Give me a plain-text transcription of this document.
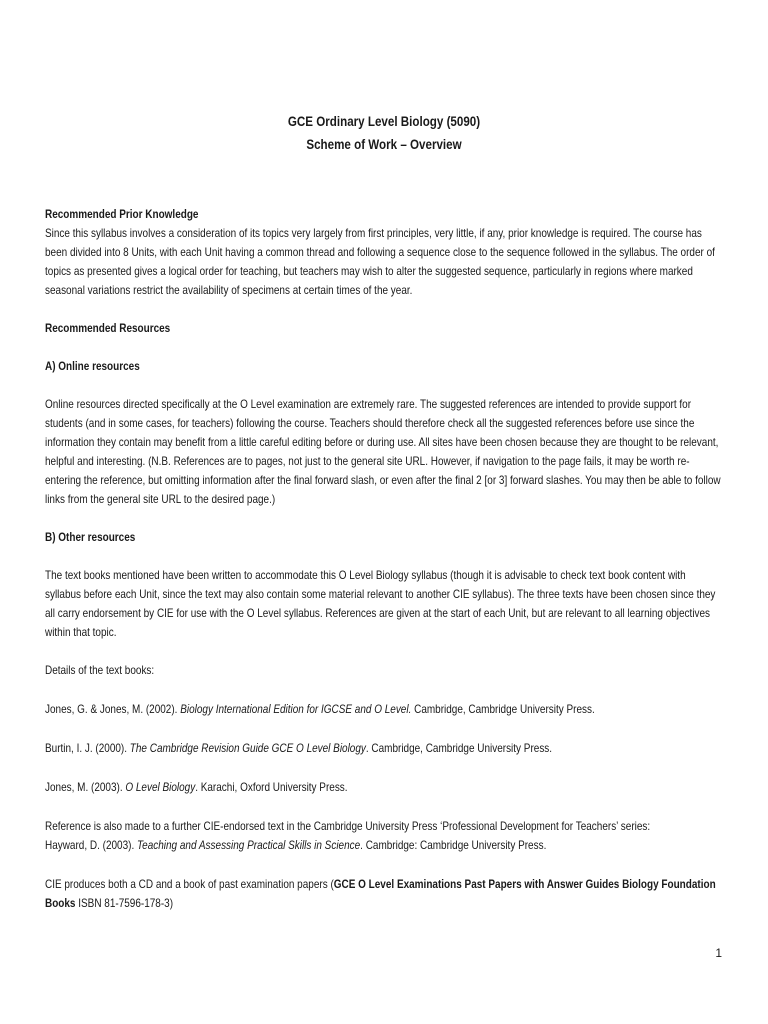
GCE Ordinary Level Biology (5090)
Scheme of Work – Overview

Recommended Prior Knowledge

Since this syllabus involves a consideration of its topics very largely from first principles, very little, if any, prior knowledge is required. The course has been divided into 8 Units, with each Unit having a common thread and following a sequence close to the sequence followed in the syllabus. The order of topics as presented gives a logical order for teaching, but teachers may wish to alter the suggested sequence, particularly in regions where marked seasonal variations restrict the availability of specimens at certain times of the year.

Recommended Resources

A) Online resources

Online resources directed specifically at the O Level examination are extremely rare. The suggested references are intended to provide support for students (and in some cases, for teachers) following the course. Teachers should therefore check all the suggested references before use since the information they contain may benefit from a little careful editing before or during use. All sites have been chosen because they are thought to be relevant, helpful and interesting. (N.B. References are to pages, not just to the general site URL. However, if navigation to the page fails, it may be worth re-entering the reference, but omitting information after the final forward slash, or even after the final 2 [or 3] forward slashes. You may then be able to follow links from the general site URL to the desired page.)

B) Other resources

The text books mentioned have been written to accommodate this O Level Biology syllabus (though it is advisable to check text book content with syllabus before each Unit, since the text may also contain some material relevant to another CIE syllabus). The three texts have been chosen since they all carry endorsement by CIE for use with the O Level syllabus. References are given at the start of each Unit, but are relevant to all learning objectives within that topic.

Details of the text books:

Jones, G. & Jones, M. (2002). Biology International Edition for IGCSE and O Level. Cambridge, Cambridge University Press.

Burtin, I. J. (2000). The Cambridge Revision Guide GCE O Level Biology. Cambridge, Cambridge University Press.

Jones, M. (2003). O Level Biology. Karachi, Oxford University Press.

Reference is also made to a further CIE-endorsed text in the Cambridge University Press ‘Professional Development for Teachers’ series:

Hayward, D. (2003). Teaching and Assessing Practical Skills in Science. Cambridge: Cambridge University Press.

CIE produces both a CD and a book of past examination papers (GCE O Level Examinations Past Papers with Answer Guides Biology Foundation Books ISBN 81-7596-178-3)

1
